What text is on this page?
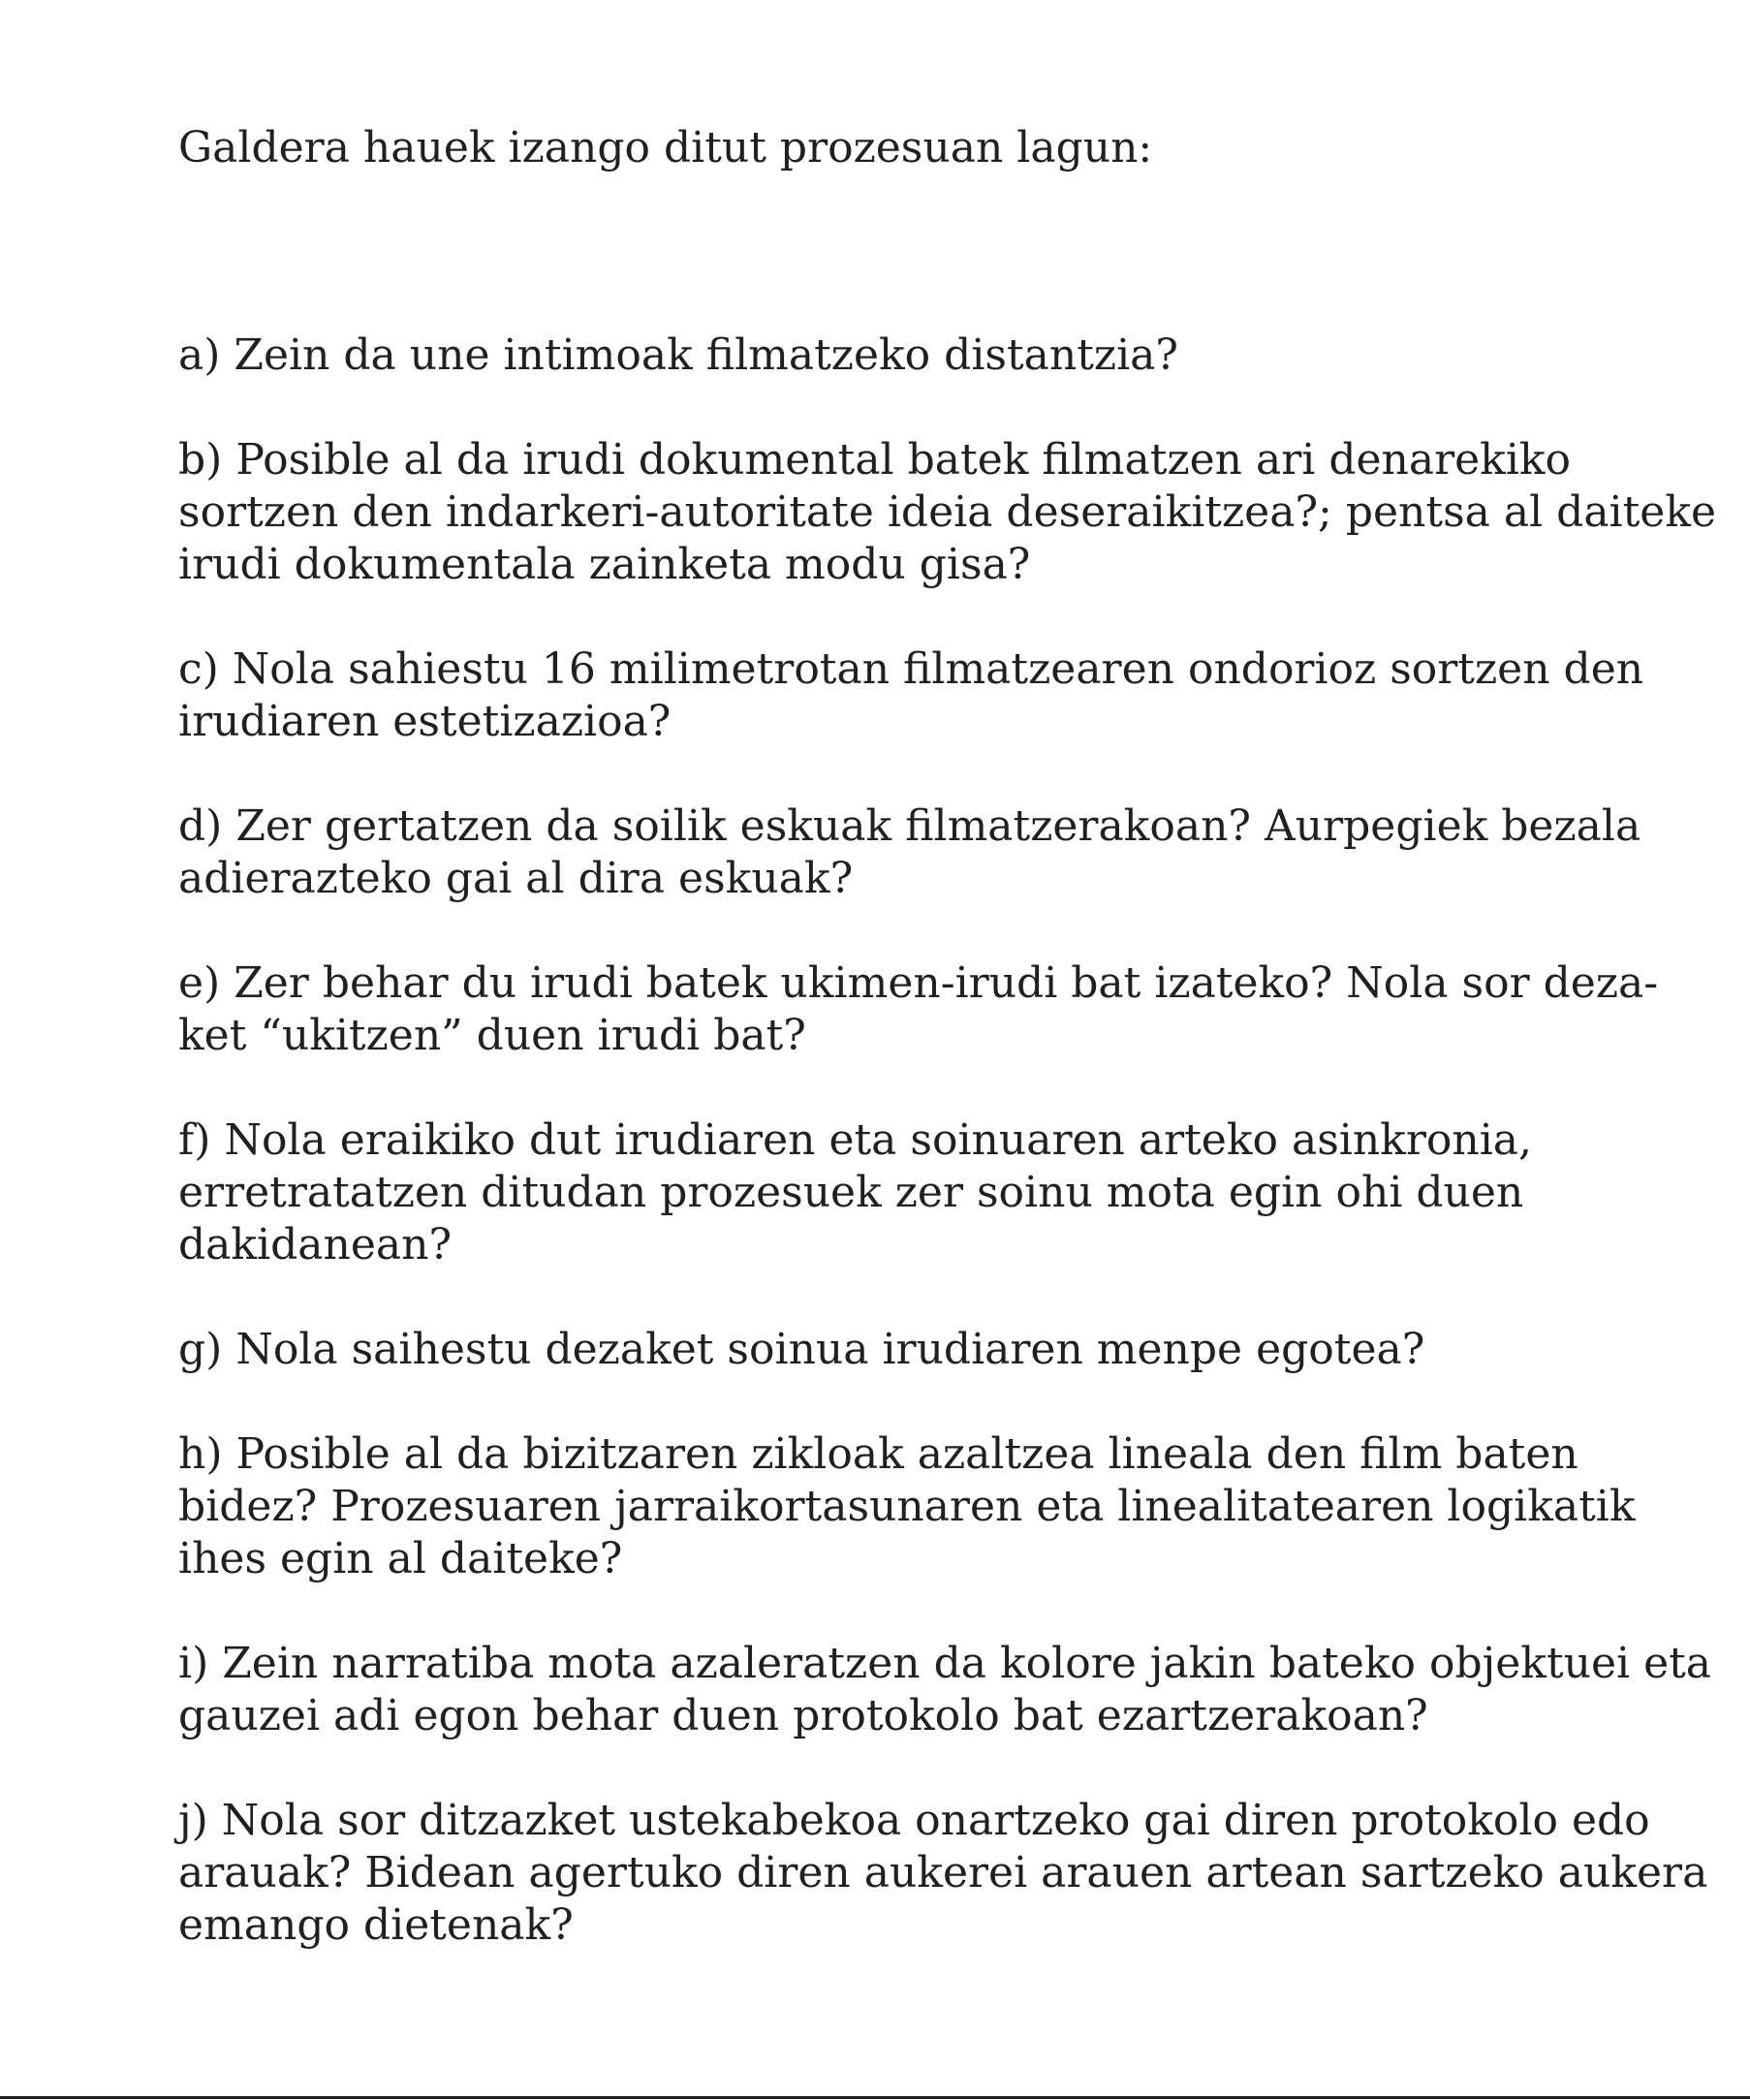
Galdera hauek izango ditut prozesuan lagun:

a) Zein da une intimoak filmatzeko distantzia?

b) Posible al da irudi dokumental batek filmatzen ari denarekiko
sortzen den indarkeri-autoritate ideia deseraikitzea?; pentsa al daiteke
irudi dokumentala zainketa modu gisa?

c) Nola sahiestu 16 milimetrotan filmatzearen ondorioz sortzen den
irudiaren estetizazioa?

d) Zer gertatzen da soilik eskuak filmatzerakoan? Aurpegiek bezala
adierazteko gai al dira eskuak?

e) Zer behar du irudi batek ukimen-irudi bat izateko? Nola sor deza-
ket “ukitzen” duen irudi bat?

f) Nola eraikiko dut irudiaren eta soinuaren arteko asinkronia,
erretratatzen ditudan prozesuek zer soinu mota egin ohi duen
dakidanean?

g) Nola saihestu dezaket soinua irudiaren menpe egotea?

h) Posible al da bizitzaren zikloak azaltzea lineala den film baten
bidez? Prozesuaren jarraikortasunaren eta linealitatearen logikatik
ihes egin al daiteke?

i) Zein narratiba mota azaleratzen da kolore jakin bateko objektuei eta
gauzei adi egon behar duen protokolo bat ezartzerakoan?

j) Nola sor ditzazket ustekabekoa onartzeko gai diren protokolo edo
arauak? Bidean agertuko diren aukerei arauen artean sartzeko aukera
emango dietenak?
